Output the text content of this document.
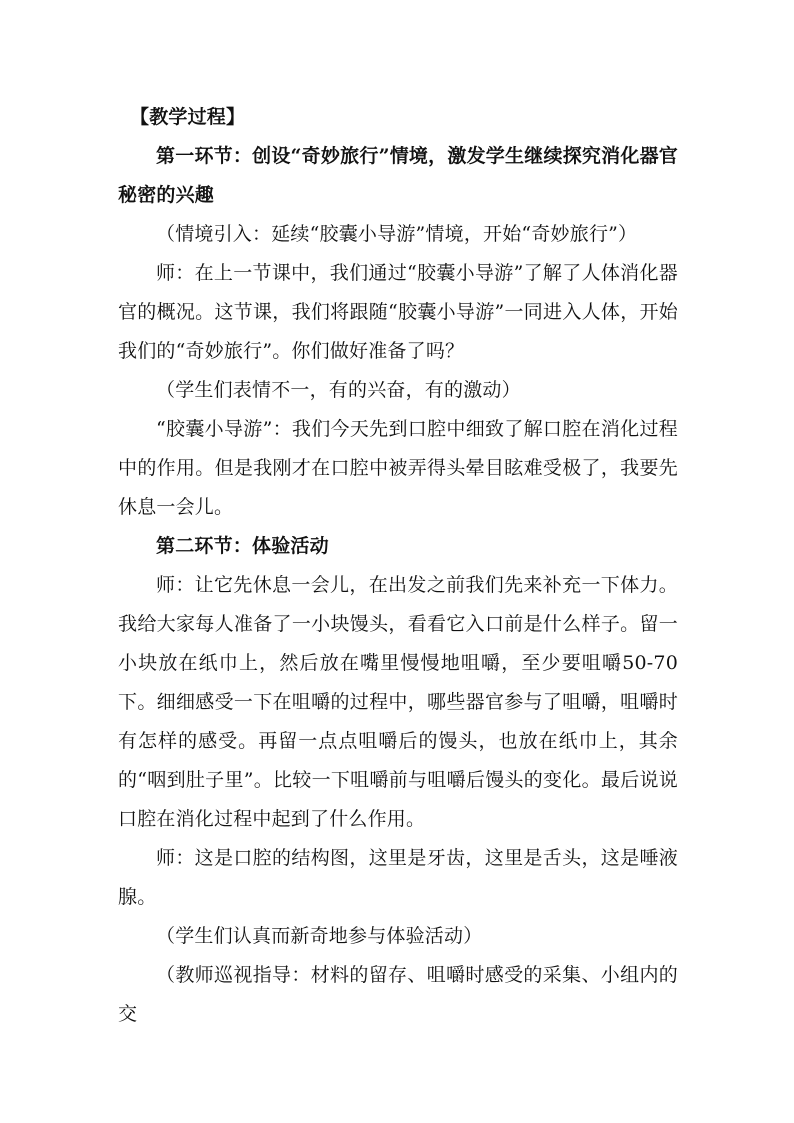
【教学过程】

第一环节：创设“奇妙旅行”情境，激发学生继续探究消化器官秘密的兴趣

（情境引入：延续“胶囊小导游”情境，开始“奇妙旅行”）

师：在上一节课中，我们通过“胶囊小导游”了解了人体消化器官的概况。这节课，我们将跟随“胶囊小导游”一同进入人体，开始我们的“奇妙旅行”。你们做好准备了吗？

（学生们表情不一，有的兴奋，有的激动）

“胶囊小导游”：我们今天先到口腔中细致了解口腔在消化过程中的作用。但是我刚才在口腔中被弄得头晕目眩难受极了，我要先休息一会儿。

第二环节：体验活动

师：让它先休息一会儿，在出发之前我们先来补充一下体力。我给大家每人准备了一小块馒头，看看它入口前是什么样子。留一小块放在纸巾上，然后放在嘴里慢慢地咀嚼，至少要咀嚼50-70下。细细感受一下在咀嚼的过程中，哪些器官参与了咀嚼，咀嚼时有怎样的感受。再留一点点咀嚼后的馒头，也放在纸巾上，其余的“咽到肚子里”。比较一下咀嚼前与咀嚼后馒头的变化。最后说说口腔在消化过程中起到了什么作用。

师：这是口腔的结构图，这里是牙齿，这里是舌头，这是唾液腺。

（学生们认真而新奇地参与体验活动）

（教师巡视指导：材料的留存、咀嚼时感受的采集、小组内的交
